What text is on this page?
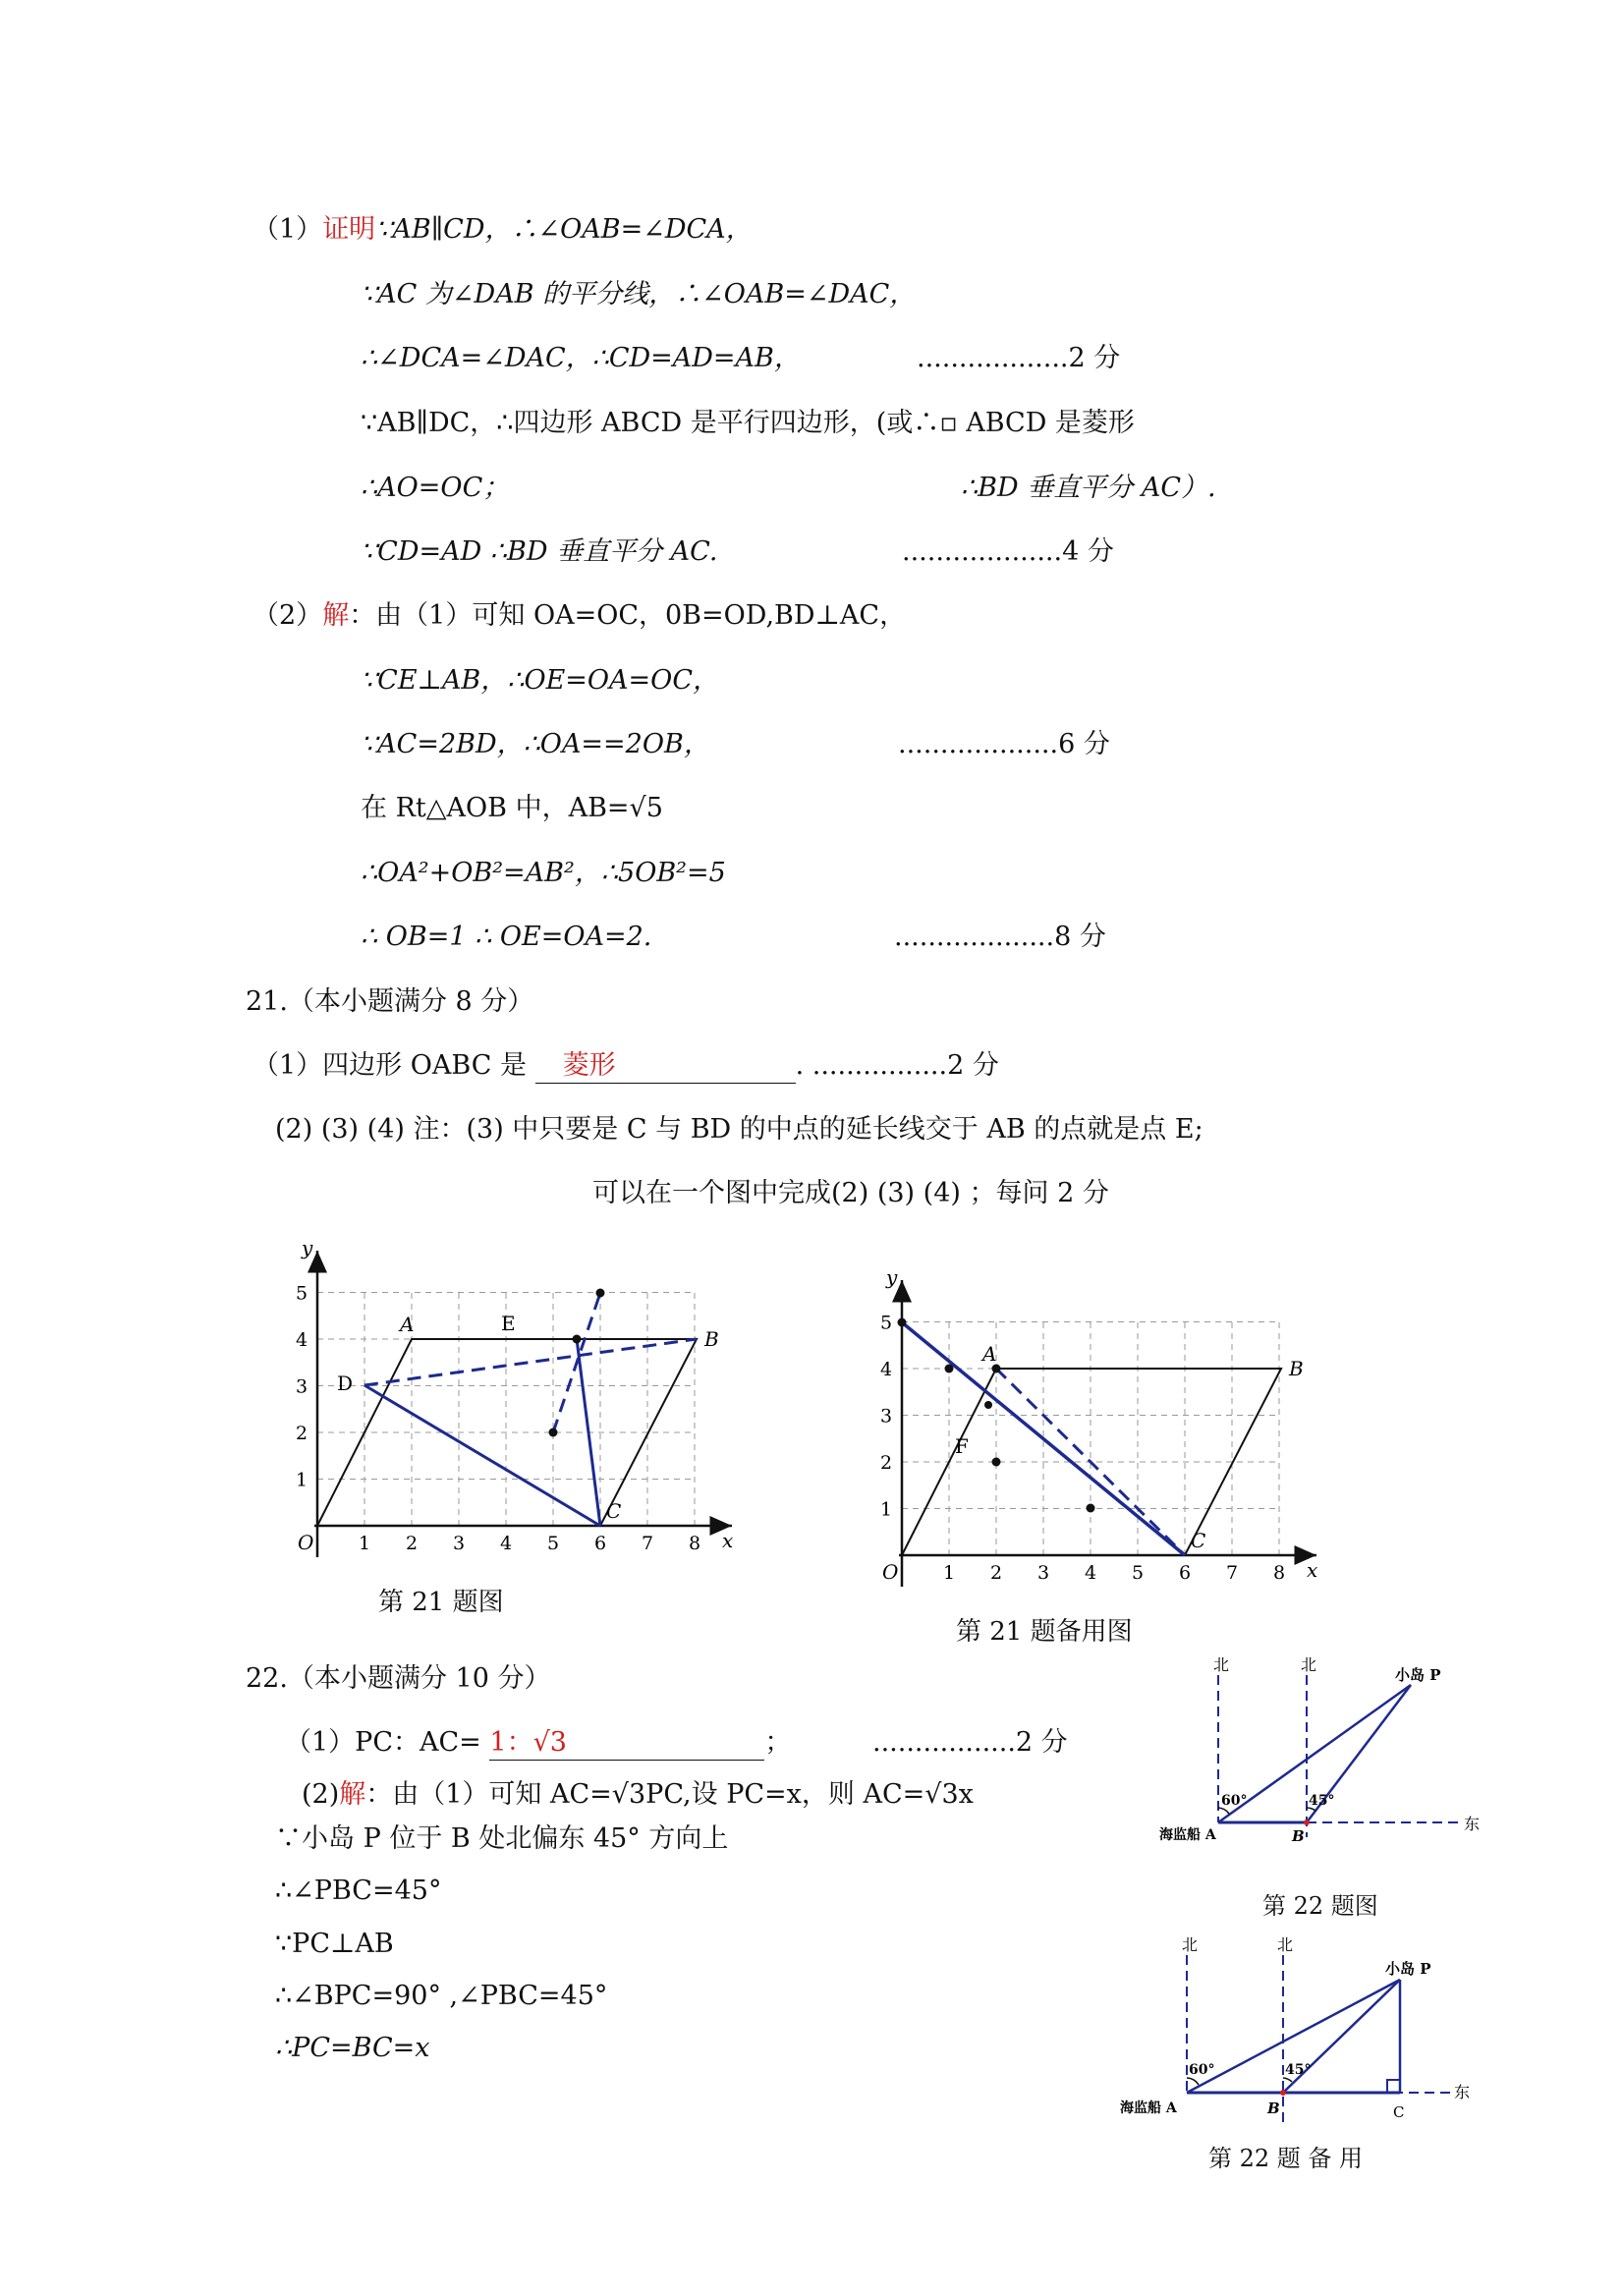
（1）证明∵AB∥CD，∴∠OAB=∠DCA，
∵AC 为∠DAB 的平分线，∴∠OAB=∠DAC，
∴∠DCA=∠DAC，∴CD=AD=AB，	..................2 分
∵AB∥DC，∴四边形 ABCD 是平行四边形，(或∴▫ ABCD 是菱形
∴AO=OC；	∴BD 垂直平分 AC）.
∵CD=AD ∴BD 垂直平分 AC.	...................4 分
（2）解：由（1）可知 OA=OC，0B=OD,BD⊥AC，
∵CE⊥AB，∴OE=OA=OC，
∵AC=2BD，∴OA==2OB，	...................6 分
在 Rt△AOB 中，AB=√5
∴OA²+OB²=AB²，∴5OB²=5
∴ OB=1 ∴ OE=OA=2.	...................8 分
21.（本小题满分 8 分）
（1）四边形 OABC 是 菱形	. ................2 分
(2) (3) (4) 注：(3) 中只要是 C 与 BD 的中点的延长线交于 AB 的点就是点 E;
可以在一个图中完成(2) (3) (4) ；每问 2 分
x
y
O 1 2 3 4 5 6 7 8
1
2
3
4
5
A
B
C
D
E
第 21 题图
x
y
O 1 2 3 4 5 6 7 8
1
2
3
4
5
A
B
C
F
第 21 题备用图
22.（本小题满分 10 分）
（1）PC：AC= 1：√3	；	.................2 分
(2)解：由（1）可知 AC=√3PC,设 PC=x，则 AC=√3x
∵小岛 P 位于 B 处北偏东 45° 方向上
∴∠PBC=45°
∵PC⊥AB
∴∠BPC=90° ,∠PBC=45°
∴PC=BC=x
北	北
小岛 P
海监船 A	B
东
60°	45°
第 22 题图
北	北
小岛 P
海监船 A	B	C
东
60°	45°
第 22 题 备 用
